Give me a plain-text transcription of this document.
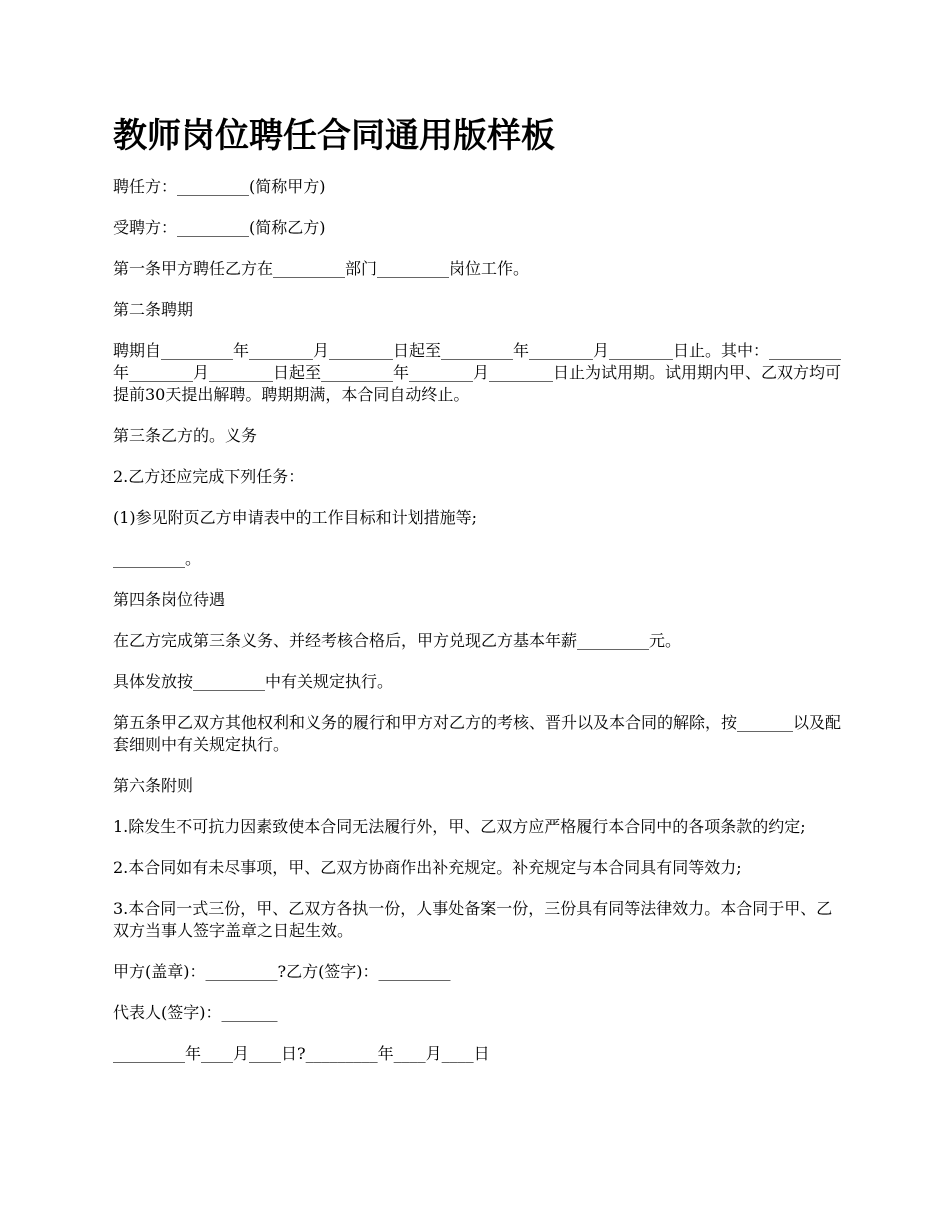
教师岗位聘任合同通用版样板

聘任方：_________(简称甲方)

受聘方：_________(简称乙方)

第一条甲方聘任乙方在_________部门_________岗位工作。

第二条聘期

聘期自_________年________月________日起至_________年________月________日止。其中：_________年________月________日起至_________年________月________日止为试用期。试用期内甲、乙双方均可提前30天提出解聘。聘期期满，本合同自动终止。

第三条乙方的。义务

2.乙方还应完成下列任务：

(1)参见附页乙方申请表中的工作目标和计划措施等;

_________。

第四条岗位待遇

在乙方完成第三条义务、并经考核合格后，甲方兑现乙方基本年薪_________元。

具体发放按_________中有关规定执行。

第五条甲乙双方其他权利和义务的履行和甲方对乙方的考核、晋升以及本合同的解除，按_______以及配套细则中有关规定执行。

第六条附则

1.除发生不可抗力因素致使本合同无法履行外，甲、乙双方应严格履行本合同中的各项条款的约定;

2.本合同如有未尽事项，甲、乙双方协商作出补充规定。补充规定与本合同具有同等效力;

3.本合同一式三份，甲、乙双方各执一份，人事处备案一份，三份具有同等法律效力。本合同于甲、乙双方当事人签字盖章之日起生效。

甲方(盖章)：_________?乙方(签字)：_________

代表人(签字)：_______

_________年____月____日?_________年____月____日
